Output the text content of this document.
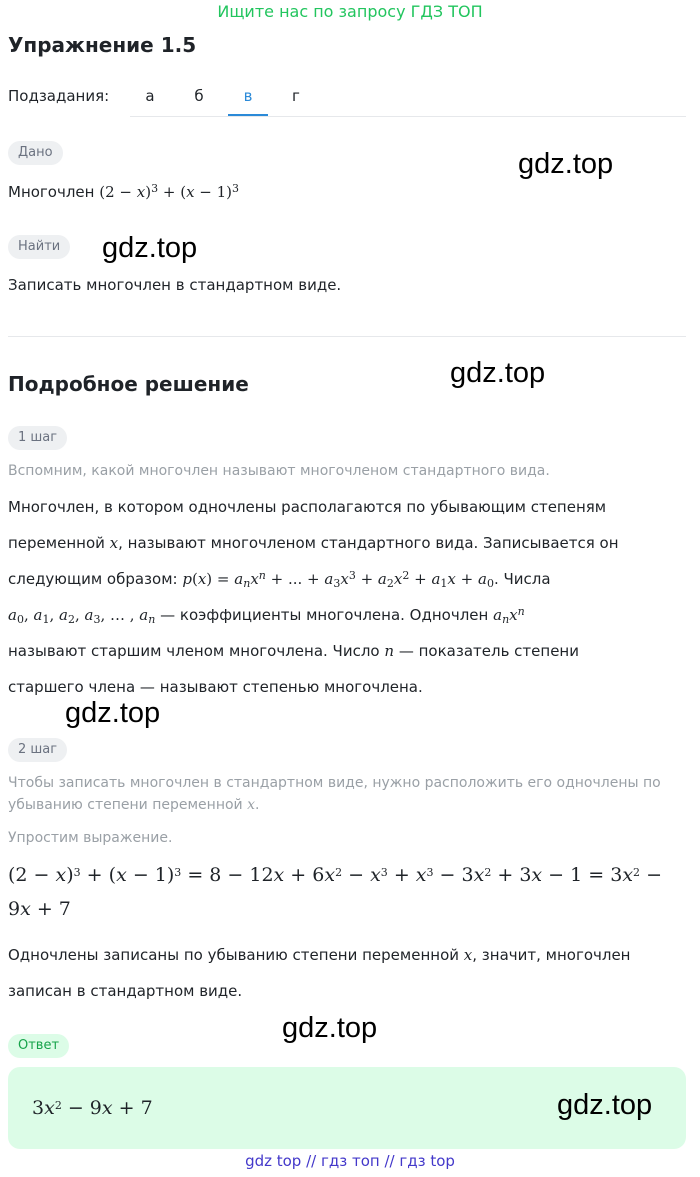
Ищите нас по запросу ГДЗ ТОП
Упражнение 1.5
Подзадания:	а	б	в	г
Дано
Многочлен $(2 - x)^3 + (x - 1)^3$
gdz.top
Найти	gdz.top
Записать многочлен в стандартном виде.
Подробное решение	gdz.top
1 шаг
Вспомним, какой многочлен называют многочленом стандартного вида.
Многочлен, в котором одночлены располагаются по убывающим степеням
переменной x, называют многочленом стандартного вида. Записывается он
следующим образом: $p(x) = a_nx^n$ + ... + $a_3x^3 + a_2x^2 + a_1x + a_0$. Числа
$a_0$, $a_1$, $a_2$, $a_3$, … , $a_n$ — коэффициенты многочлена. Одночлен $a_nx^n$
называют старшим членом многочлена. Число n — показатель степени
старшего члена — называют степенью многочлена.
gdz.top
2 шаг
Чтобы записать многочлен в стандартном виде, нужно расположить его одночлены по
убыванию степени переменной x.
Упростим выражение.
$(2 - x)^3 + (x - 1)^3 = 8 - 12x + 6x^2 - x^3 + x^3 - 3x^2 + 3x - 1 = 3x^2$ −
9x + 7
Одночлены записаны по убыванию степени переменной x, значит, многочлен
записан в стандартном виде.
gdz.top
Ответ
$3x^2 - 9x + 7$	gdz.top
gdz top // гдз топ // гдз top
